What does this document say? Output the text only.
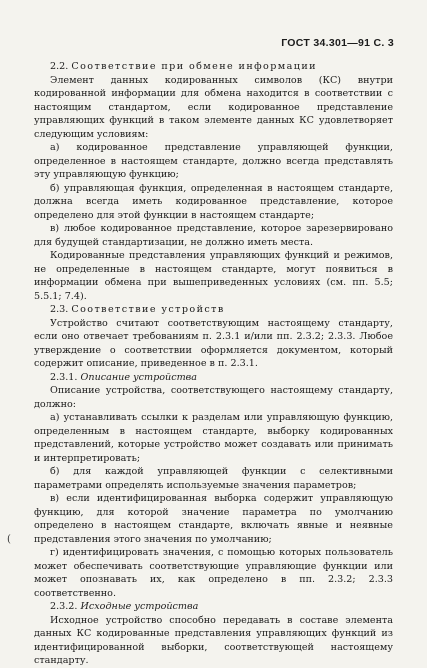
ГОСТ 34.301—91 С. 3
(

2.2. Соответствие при обмене информации

Элемент данных кодированных символов (КС) внутри кодированной информации для обмена находится в соответствии с настоящим стандартом, если кодированное представление управляющих функций в таком элементе данных КС удовлетворяет следующим условиям:

а) кодированное представление управляющей функции, определенное в настоящем стандарте, должно всегда представлять эту управляющую функцию;

б) управляющая функция, определенная в настоящем стандарте, должна всегда иметь кодированное представление, которое определено для этой функции в настоящем стандарте;

в) любое кодированное представление, которое зарезервировано для будущей стандартизации, не должно иметь места.

Кодированные представления управляющих функций и режимов, не определенные в настоящем стандарте, могут появиться в информации обмена при вышеприведенных условиях (см. пп. 5.5; 5.5.1; 7.4).

2.3. Соответствие устройств

Устройство считают соответствующим настоящему стандарту, если оно отвечает требованиям п. 2.3.1 и/или пп. 2.3.2; 2.3.3. Любое утверждение о соответствии оформляется документом, который содержит описание, приведенное в п. 2.3.1.

2.3.1. Описание устройства

Описание устройства, соответствующего настоящему стандарту, должно:

а) устанавливать ссылки к разделам или управляющую функцию, определенным в настоящем стандарте, выборку кодированных представлений, которые устройство может создавать или принимать и интерпретировать;

б) для каждой управляющей функции с селективными параметрами определять используемые значения параметров;

в) если идентифицированная выборка содержит управляющую функцию, для которой значение параметра по умолчанию определено в настоящем стандарте, включать явные и неявные представления этого значения по умолчанию;

г) идентифицировать значения, с помощью которых пользователь может обеспечивать соответствующие управляющие функции или может опознавать их, как определено в пп. 2.3.2; 2.3.3 соответственно.

2.3.2. Исходные устройства

Исходное устройство способно передавать в составе элемента данных КС кодированные представления управляющих функций из идентифицированной выборки, соответствующей настоящему стандарту.
